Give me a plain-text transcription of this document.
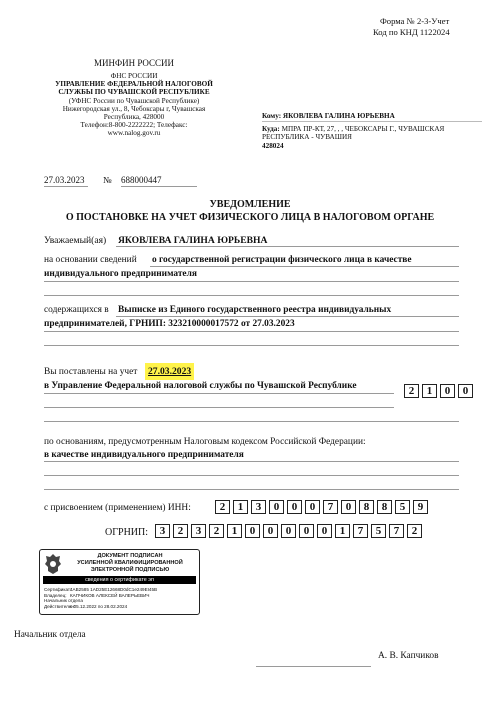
Форма № 2-3-Учет
Код по КНД 1122024
МИНФИН РОССИИ
ФНС РОССИИ
УПРАВЛЕНИЕ ФЕДЕРАЛЬНОЙ НАЛОГОВОЙ
СЛУЖБЫ ПО ЧУВАШСКОЙ РЕСПУБЛИКЕ
(УФНС России по Чувашской Республике)
Нижегородская ул., 8, Чебоксары г, Чувашская
Республика, 428000
Телефон:8-800-2222222; Телефакс:
www.nalog.gov.ru
Кому: ЯКОВЛЕВА ГАЛИНА ЮРЬЕВНА
Куда: МПРА ПР-КТ, 27, , , ЧЕБОКСАРЫ Г., ЧУВАШСКАЯ
РЕСПУБЛИКА - ЧУВАШИЯ
428024
27.03.2023 № 688000447
УВЕДОМЛЕНИЕ
О ПОСТАНОВКЕ НА УЧЕТ ФИЗИЧЕСКОГО ЛИЦА В НАЛОГОВОМ ОРГАНЕ
Уважаемый(ая) ЯКОВЛЕВА ГАЛИНА ЮРЬЕВНА
на основании сведений о государственной регистрации физического лица в качестве
индивидуального предпринимателя
содержащихся в Выписке из Единого государственного реестра индивидуальных
предпринимателей, ГРНИП: 323210000017572 от 27.03.2023
Вы поставлены на учет	27.03.2023
в Управление Федеральной налоговой службы по Чувашской Республике	2	1	0	0
по основаниям, предусмотренным Налоговым кодексом Российской Федерации:
в качестве индивидуального предпринимателя
с присвоением (применением) ИНН:	2	1	3	0	0	0	7	0	8	8	5	9
ОГРНИП:	3	2	3	2	1	0	0	0	0	0	1	7	5	7	2
ДОКУМЕНТ ПОДПИСАН
УСИЛЕННОЙ КВАЛИФИЦИРОВАННОЙ
ЭЛЕКТРОННОЙ ПОДПИСЬЮ
сведения о сертификате эп
Сертификат:4AB2585 1AD25E12668D0dC1e249EI45B
Владелец: КАПЧИКОВ АЛЕКСЕЙ ВАЛЕРЬЕВИЧ
Начальник отдела
Действителен:с 05.12.2022 по 28.02.2024
Начальник отдела
А. В. Капчиков
